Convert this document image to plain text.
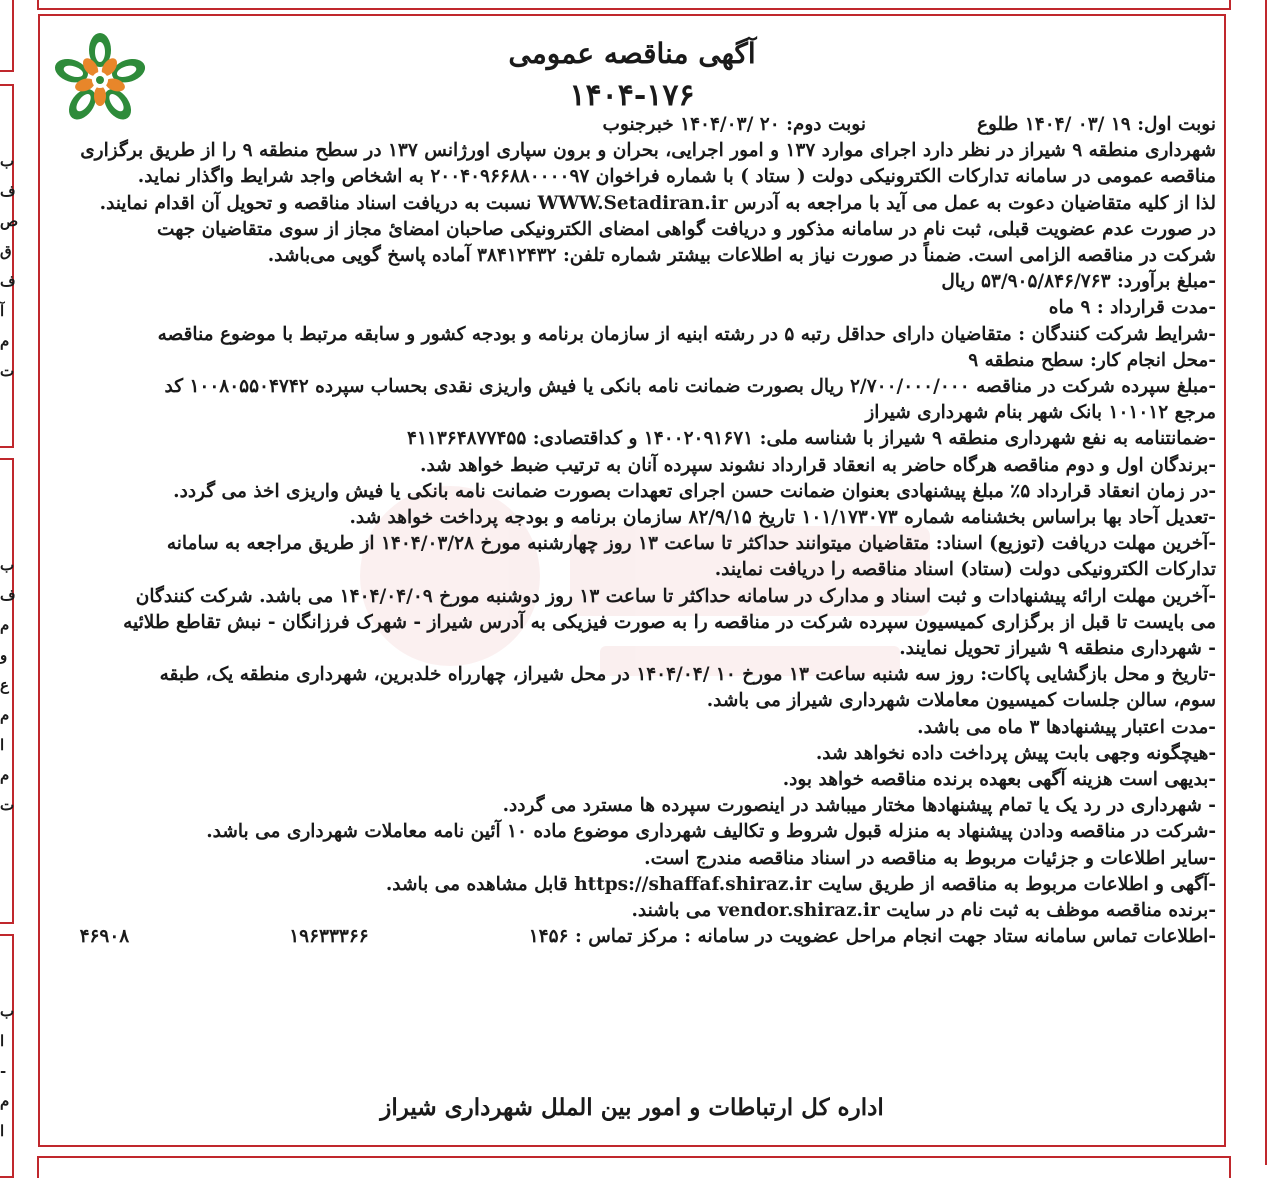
ب
ف
ص
ق
ف
آ
م
ت
ب
ف
م
و
ع
م
ا
م
ت
ب
ا
-
م
ا
آگهی مناقصه عمومی
۱۴۰۴-۱۷۶
نوبت اول: ۱۹ /۰۳ /۱۴۰۴ طلوع
نوبت دوم: ۲۰ /۱۴۰۴/۰۳ خبرجنوب
شهرداری منطقه ۹ شیراز در نظر دارد اجرای موارد ۱۳۷ و امور اجرایی، بحران و برون سپاری اورژانس ۱۳۷ در سطح منطقه ۹ را از طریق برگزاری
مناقصه عمومی در سامانه تدارکات الکترونیکی دولت ( ستاد ) با شماره فراخوان ۲۰۰۴۰۹۶۶۸۸۰۰۰۰۹۷ به اشخاص واجد شرایط واگذار نماید.
لذا از کلیه متقاضیان دعوت به عمل می آید با مراجعه به آدرس WWW.Setadiran.ir نسبت به دریافت اسناد مناقصه و تحویل آن اقدام نمایند.
در صورت عدم عضویت قبلی، ثبت نام در سامانه مذکور و دریافت گواهی امضای الکترونیکی صاحبان امضائ مجاز از سوی متقاضیان جهت
شرکت در مناقصه الزامی است. ضمناً در صورت نیاز به اطلاعات بیشتر شماره تلفن: ۳۸۴۱۲۴۳۲ آماده پاسخ گویی می‌باشد.
-مبلغ برآورد: ۵۳/۹۰۵/۸۴۶/۷۶۳ ریال
-مدت قرارداد : ۹ ماه
-شرایط شرکت کنندگان : متقاضیان دارای حداقل رتبه ۵ در رشته ابنیه از سازمان برنامه و بودجه کشور و سابقه مرتبط با موضوع مناقصه
-محل انجام کار: سطح منطقه ۹
-مبلغ سپرده شرکت در مناقصه ۲/۷۰۰/۰۰۰/۰۰۰ ریال بصورت ضمانت نامه بانکی یا فیش واریزی نقدی بحساب سپرده ۱۰۰۸۰۵۵۰۴۷۴۲ کد
مرجع ۱۰۱۰۱۲ بانک شهر بنام شهرداری شیراز
-ضمانتنامه به نفع شهرداری منطقه ۹ شیراز با شناسه ملی: ۱۴۰۰۲۰۹۱۶۷۱ و کداقتصادی: ۴۱۱۳۶۴۸۷۷۴۵۵
-برندگان اول و دوم مناقصه هرگاه حاضر به انعقاد قرارداد نشوند سپرده آنان به ترتیب ضبط خواهد شد.
-در زمان انعقاد قرارداد ۵٪ مبلغ پیشنهادی بعنوان ضمانت حسن اجرای تعهدات بصورت ضمانت نامه بانکی یا فیش واریزی اخذ می گردد.
-تعدیل آحاد بها براساس بخشنامه شماره ۱۰۱/۱۷۳۰۷۳ تاریخ ۸۲/۹/۱۵ سازمان برنامه و بودجه پرداخت خواهد شد.
-آخرین مهلت دریافت (توزیع) اسناد: متقاضیان میتوانند حداکثر تا ساعت ۱۳ روز چهارشنبه مورخ ۱۴۰۴/۰۳/۲۸ از طریق مراجعه به سامانه
تدارکات الکترونیکی دولت (ستاد) اسناد مناقصه را دریافت نمایند.
-آخرین مهلت ارائه پیشنهادات و ثبت اسناد و مدارک در سامانه حداکثر تا ساعت ۱۳ روز دوشنبه مورخ ۱۴۰۴/۰۴/۰۹ می باشد. شرکت کنندگان
می بایست تا قبل از برگزاری کمیسیون سپرده شرکت در مناقصه را به صورت فیزیکی به آدرس شیراز - شهرک فرزانگان - نبش تقاطع طلائیه
- شهرداری منطقه ۹ شیراز تحویل نمایند.
-تاریخ و محل بازگشایی پاکات: روز سه شنبه ساعت ۱۳ مورخ ۱۰ /۱۴۰۴/۰۴ در محل شیراز، چهارراه خلدبرین، شهرداری منطقه یک، طبقه
سوم، سالن جلسات کمیسیون معاملات شهرداری شیراز می باشد.
-مدت اعتبار پیشنهادها ۳ ماه می باشد.
-هیچگونه وجهی بابت پیش پرداخت داده نخواهد شد.
-بدیهی است هزینه آگهی بعهده برنده مناقصه خواهد بود.
- شهرداری در رد یک یا تمام پیشنهادها مختار میباشد در اینصورت سپرده ها مسترد می گردد.
-شرکت در مناقصه ودادن پیشنهاد به منزله قبول شروط و تکالیف شهرداری موضوع ماده ۱۰ آئین نامه معاملات شهرداری می باشد.
-سایر اطلاعات و جزئیات مربوط به مناقصه در اسناد مناقصه مندرج است.
-آگهی و اطلاعات مربوط به مناقصه از طریق سایت https://shaffaf.shiraz.ir قابل مشاهده می باشد.
-برنده مناقصه موظف به ثبت نام در سایت vendor.shiraz.ir می باشند.
-اطلاعات تماس سامانه ستاد جهت انجام مراحل عضویت در سامانه : مرکز تماس : ۱۴۵۶
۱۹۶۳۳۳۶۶
۴۶۹۰۸
اداره کل ارتباطات و امور بین الملل شهرداری شیراز
